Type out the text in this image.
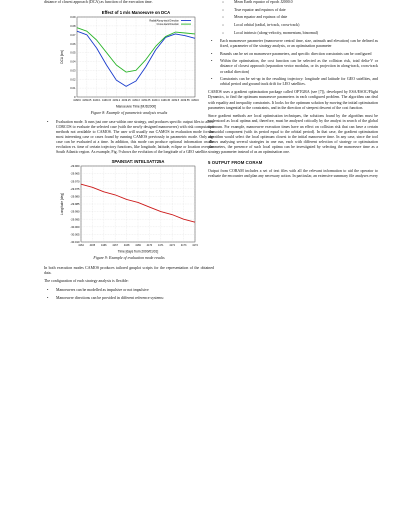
distance of closest approach (DCA) as function of the execution time.

Effect of 1 m/s Manoeuvre on DCA
0
0.01
0.02
0.03
0.04
0.05
0.06
0.07
0.08
0.09
4168.6 4169.05 4169.1 4169.15 4169.2 4169.25 4169.3 4169.35 4169.4 4169.45 4169.5 4169.55 4169.6
Manoeuvre Time [MJD2000]
DCA [km]
Radial/Along-track Direction
Cross-track Direction
Figure 8: Example of parametric analysis results
• Evaluation mode. It runs just one case within one strategy, and produces specific output files to allow CORCOS to evaluate the selected case (with the newly designed manoeuvres) with risk computation methods not available to CAMOS. The user will usually run CAMOS in evaluation mode for the most interesting case or cases found by running CAMOS previously in parametric mode. Only one case can be evaluated at a time. In addition, this mode can produce optional information on the evolution vs. time of certain trajectory functions, like longitude, latitude, eclipse or location over the South Atlantic region. As example, Fig. 9 shows the evolution of the longitude of a GEO satellite.
SPAINSAT: INTELSAT725A
-29.960
-29.965
-29.970
-29.975
-29.980
-29.985
-29.990
-29.995
-30.000
-30.005
-30.010
4164 4165 4166 4167 4168 4169 4170 4171 4172 4173 4174
Time [days from 2000/01/01]
Longitude [deg]
Figure 9: Example of evaluation mode results

In both execution modes CAMOS produces tailored gnuplot scripts for the representation of the obtained data.

The configuration of each strategy analysis is flexible:

• Manoeuvres can be modelled as impulsive or not impulsive
• Manoeuvre directions can be provided in different reference systems:
○	Mean Earth equator of epoch J2000.0
○	True equator and equinox of date
○	Mean equator and equinox of date
○	Local orbital (radial, in-track, cross-track)
○	Local intrinsic (along-velocity, momentum, binormal)
• Each manoeuvre parameter (manoeuvre central time, size, azimuth and elevation) can be defined as fixed, a parameter of the strategy analysis, or an optimisation parameter
• Bounds can be set on manoeuvre parameters, and specific direction constraints can be configured
• Within the optimisation, the cost function can be selected as the collision risk, total delta-V or distance of closest approach (separation vector modulus, or its projection in along-track, cross-track or radial direction)
• Constraints can be set-up in the resulting trajectory: longitude and latitude for GEO satellites, and orbital period and ground track drift for LEO satellites.

CAMOS uses a gradient optimisation package called OPTGRA (see [7]), developed by ESA/ESOC/Flight Dynamics, to find the optimum manoeuvre parameters in each configured problem. The algorithm can deal with equality and inequality constraints. It looks for the optimum solution by moving the initial optimisation parameters tangential to the constraints, and in the direction of steepest descent of the cost function.

Since gradient methods are local optimisation techniques, the solutions found by the algorithm must be understood as local optima and, therefore, must be analysed critically by the analyst in search of the global optimum. For example, manoeuvre execution times have an effect on collision risk that can have a certain sinusoidal component (with its period equal to the orbital period). In that case, the gradient optimisation algorithm would select the local optimum closest to the initial manoeuvre time. In any case, since the tool allows analysing several strategies in one run, each with different selection of strategy or optimisation parameters, the presence of such local optima can be investigated by selecting the manoeuvre time as a strategy parameter instead of as an optimisation one.

5 OUTPUT FROM CORAM

Output from CORAM includes a set of text files with all the relevant information to aid the operator to evaluate the encounter and plan any necessary action. In particular, an extensive summary file analyses every
